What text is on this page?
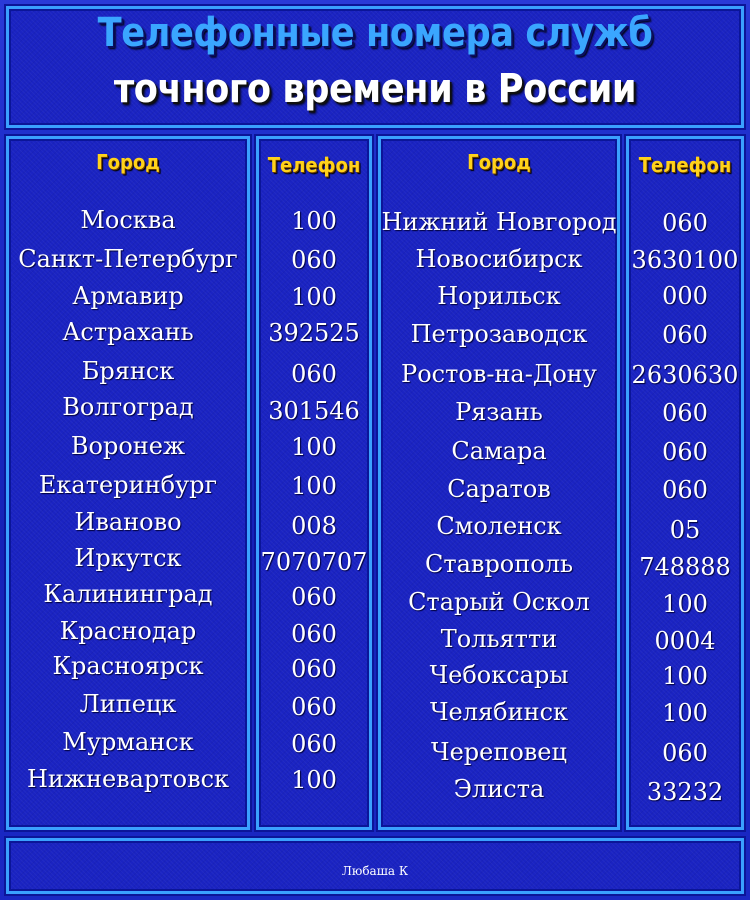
Телефонные номера служб
точного времени в России
Город	Телефон	Город	Телефон
Москва	100
Санкт-Петербург	060
Армавир	100
Астрахань	392525
Брянск	060
Волгоград	301546
Воронеж	100
Екатеринбург	100
Иваново	008
Иркутск	7070707
Калининград	060
Краснодар	060
Красноярск	060
Липецк	060
Мурманск	060
Нижневартовск	100
Нижний Новгород	060
Новосибирск	3630100
Норильск	000
Петрозаводск	060
Ростов-на-Дону	2630630
Рязань	060
Самара	060
Саратов	060
Смоленск	05
Ставрополь	748888
Старый Оскол	100
Тольятти	0004
Чебоксары	100
Челябинск	100
Череповец	060
Элиста	33232
Любаша К
